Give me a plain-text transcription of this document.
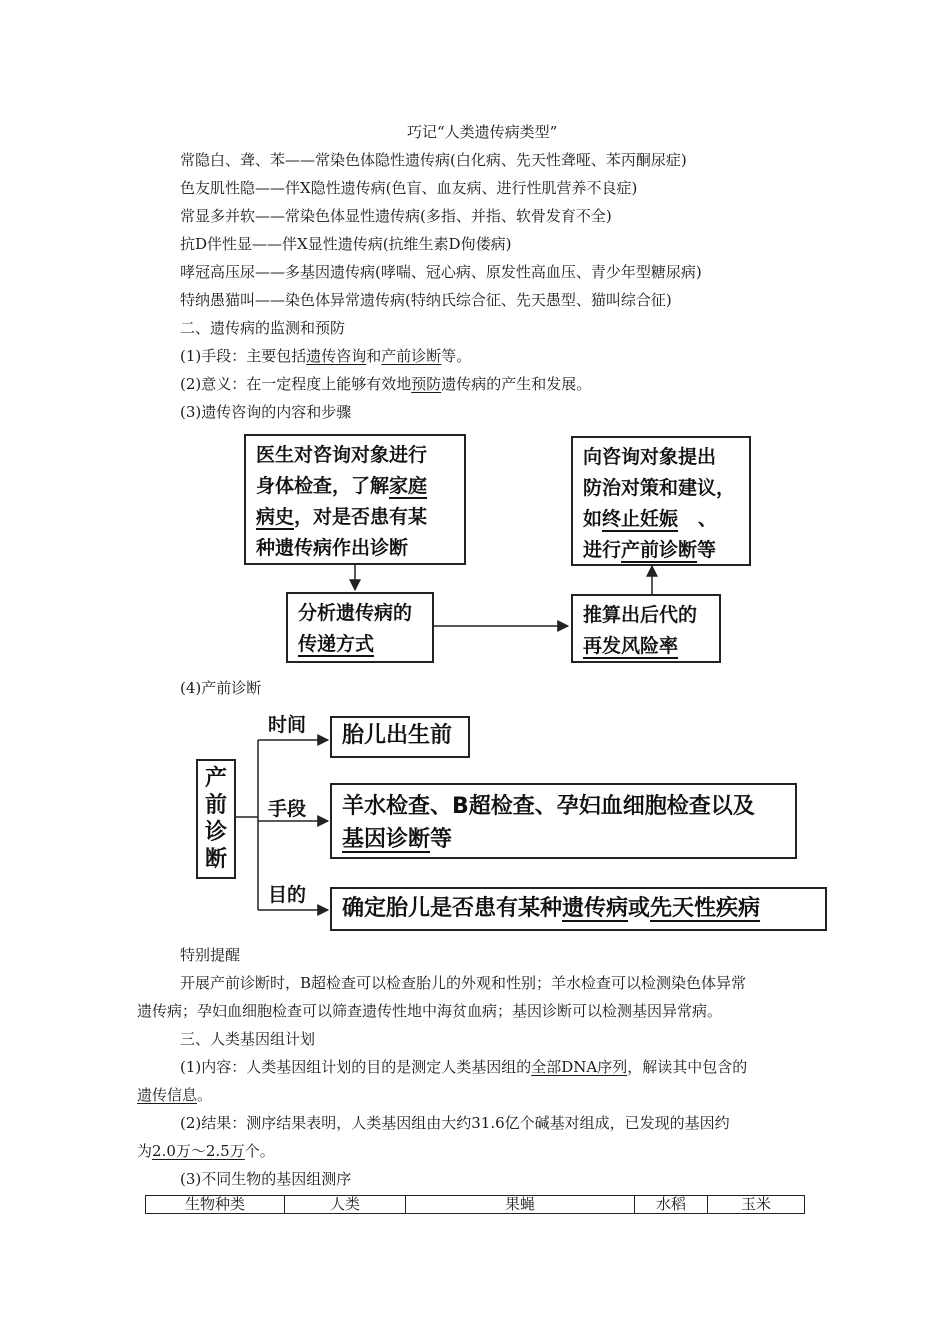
巧记“人类遗传病类型”
常隐白、聋、苯——常染色体隐性遗传病(白化病、先天性聋哑、苯丙酮尿症)
色友肌性隐——伴X隐性遗传病(色盲、血友病、进行性肌营养不良症)
常显多并软——常染色体显性遗传病(多指、并指、软骨发育不全)
抗D伴性显——伴X显性遗传病(抗维生素D佝偻病)
哮冠高压尿——多基因遗传病(哮喘、冠心病、原发性高血压、青少年型糖尿病)
特纳愚猫叫——染色体异常遗传病(特纳氏综合征、先天愚型、猫叫综合征)
二、遗传病的监测和预防
(1)手段：主要包括遗传咨询和产前诊断等。
(2)意义：在一定程度上能够有效地预防遗传病的产生和发展。
(3)遗传咨询的内容和步骤
医生对咨询对象进行
身体检查，了解家庭
病史，对是否患有某
种遗传病作出诊断
分析遗传病的
传递方式
推算出后代的
再发风险率
向咨询对象提出
防治对策和建议，
如终止妊娠 、
进行产前诊断等
(4)产前诊断
产前诊断
时间	胎儿出生前
手段 羊水检查、B超检查、孕妇血细胞检查以及
基因诊断等
目的
确定胎儿是否患有某种遗传病或先天性疾病
特别提醒
开展产前诊断时，B超检查可以检查胎儿的外观和性别；羊水检查可以检测染色体异常
遗传病；孕妇血细胞检查可以筛查遗传性地中海贫血病；基因诊断可以检测基因异常病。
三、人类基因组计划
(1)内容：人类基因组计划的目的是测定人类基因组的全部DNA序列，解读其中包含的
遗传信息。
(2)结果：测序结果表明，人类基因组由大约31.6亿个碱基对组成，已发现的基因约
为2.0万～2.5万个。
(3)不同生物的基因组测序
生物种类	人类	果蝇	水稻	玉米
